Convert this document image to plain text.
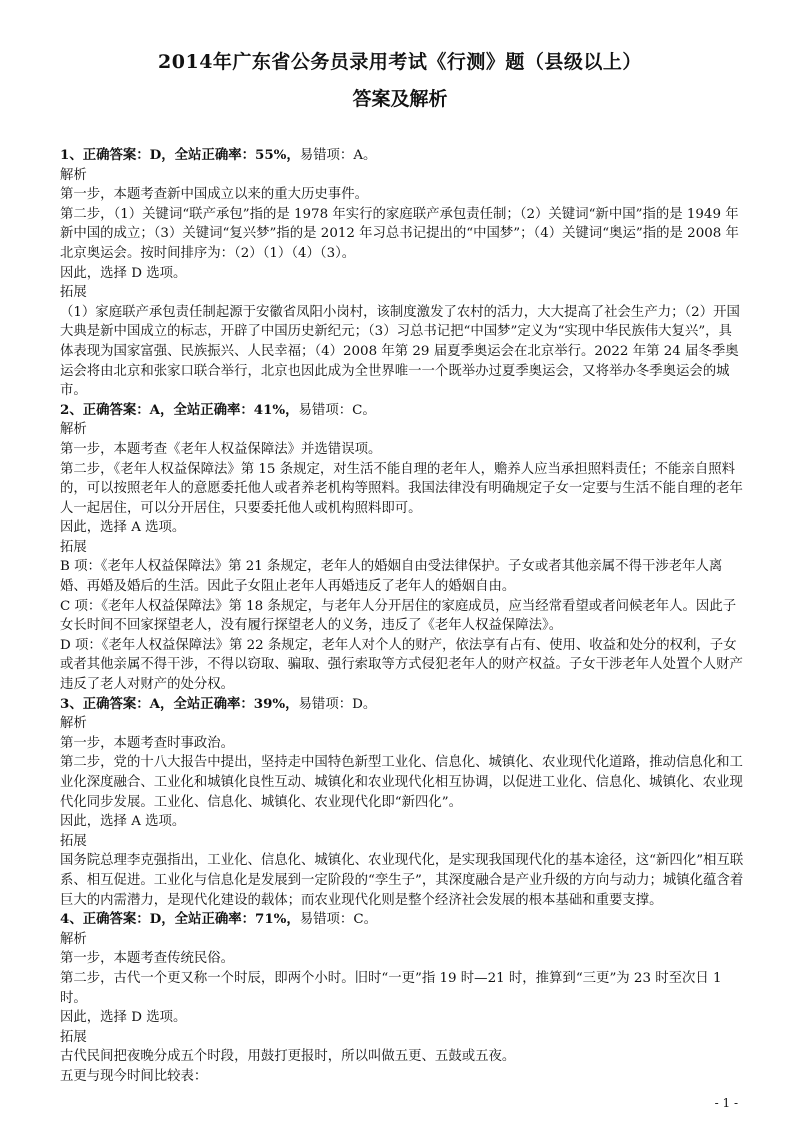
2014年广东省公务员录用考试《行测》题（县级以上）
答案及解析

1、正确答案：D，全站正确率：55%，易错项：A。

解析

第一步，本题考查新中国成立以来的重大历史事件。

第二步，（1）关键词“联产承包”指的是 1978 年实行的家庭联产承包责任制；（2）关键词“新中国”指的是 1949 年新中国的成立；（3）关键词“复兴梦”指的是 2012 年习总书记提出的“中国梦”；（4）关键词“奥运”指的是 2008 年北京奥运会。按时间排序为：（2）（1）（4）（3）。

因此，选择 D 选项。

拓展

（1）家庭联产承包责任制起源于安徽省凤阳小岗村，该制度激发了农村的活力，大大提高了社会生产力；（2）开国大典是新中国成立的标志，开辟了中国历史新纪元；（3）习总书记把“中国梦”定义为“实现中华民族伟大复兴”，具体表现为国家富强、民族振兴、人民幸福；（4）2008 年第 29 届夏季奥运会在北京举行。2022 年第 24 届冬季奥运会将由北京和张家口联合举行，北京也因此成为全世界唯一一个既举办过夏季奥运会，又将举办冬季奥运会的城市。

2、正确答案：A，全站正确率：41%，易错项：C。

解析

第一步，本题考查《老年人权益保障法》并选错误项。

第二步，《老年人权益保障法》第 15 条规定，对生活不能自理的老年人，赡养人应当承担照料责任；不能亲自照料的，可以按照老年人的意愿委托他人或者养老机构等照料。我国法律没有明确规定子女一定要与生活不能自理的老年人一起居住，可以分开居住，只要委托他人或机构照料即可。

因此，选择 A 选项。

拓展

B 项：《老年人权益保障法》第 21 条规定，老年人的婚姻自由受法律保护。子女或者其他亲属不得干涉老年人离婚、再婚及婚后的生活。因此子女阻止老年人再婚违反了老年人的婚姻自由。

C 项：《老年人权益保障法》第 18 条规定，与老年人分开居住的家庭成员，应当经常看望或者问候老年人。因此子女长时间不回家探望老人，没有履行探望老人的义务，违反了《老年人权益保障法》。

D 项：《老年人权益保障法》第 22 条规定，老年人对个人的财产，依法享有占有、使用、收益和处分的权利，子女或者其他亲属不得干涉，不得以窃取、骗取、强行索取等方式侵犯老年人的财产权益。子女干涉老年人处置个人财产违反了老人对财产的处分权。

3、正确答案：A，全站正确率：39%，易错项：D。

解析

第一步，本题考查时事政治。

第二步，党的十八大报告中提出，坚持走中国特色新型工业化、信息化、城镇化、农业现代化道路，推动信息化和工业化深度融合、工业化和城镇化良性互动、城镇化和农业现代化相互协调，以促进工业化、信息化、城镇化、农业现代化同步发展。工业化、信息化、城镇化、农业现代化即“新四化”。

因此，选择 A 选项。

拓展

国务院总理李克强指出，工业化、信息化、城镇化、农业现代化，是实现我国现代化的基本途径，这“新四化”相互联系、相互促进。工业化与信息化是发展到一定阶段的“孪生子”，其深度融合是产业升级的方向与动力；城镇化蕴含着巨大的内需潜力，是现代化建设的载体；而农业现代化则是整个经济社会发展的根本基础和重要支撑。

4、正确答案：D，全站正确率：71%，易错项：C。

解析

第一步，本题考查传统民俗。

第二步，古代一个更又称一个时辰，即两个小时。旧时“一更”指 19 时—21 时，推算到“三更”为 23 时至次日 1 时。

因此，选择 D 选项。

拓展

古代民间把夜晚分成五个时段，用鼓打更报时，所以叫做五更、五鼓或五夜。

五更与现今时间比较表：

- 1 -
